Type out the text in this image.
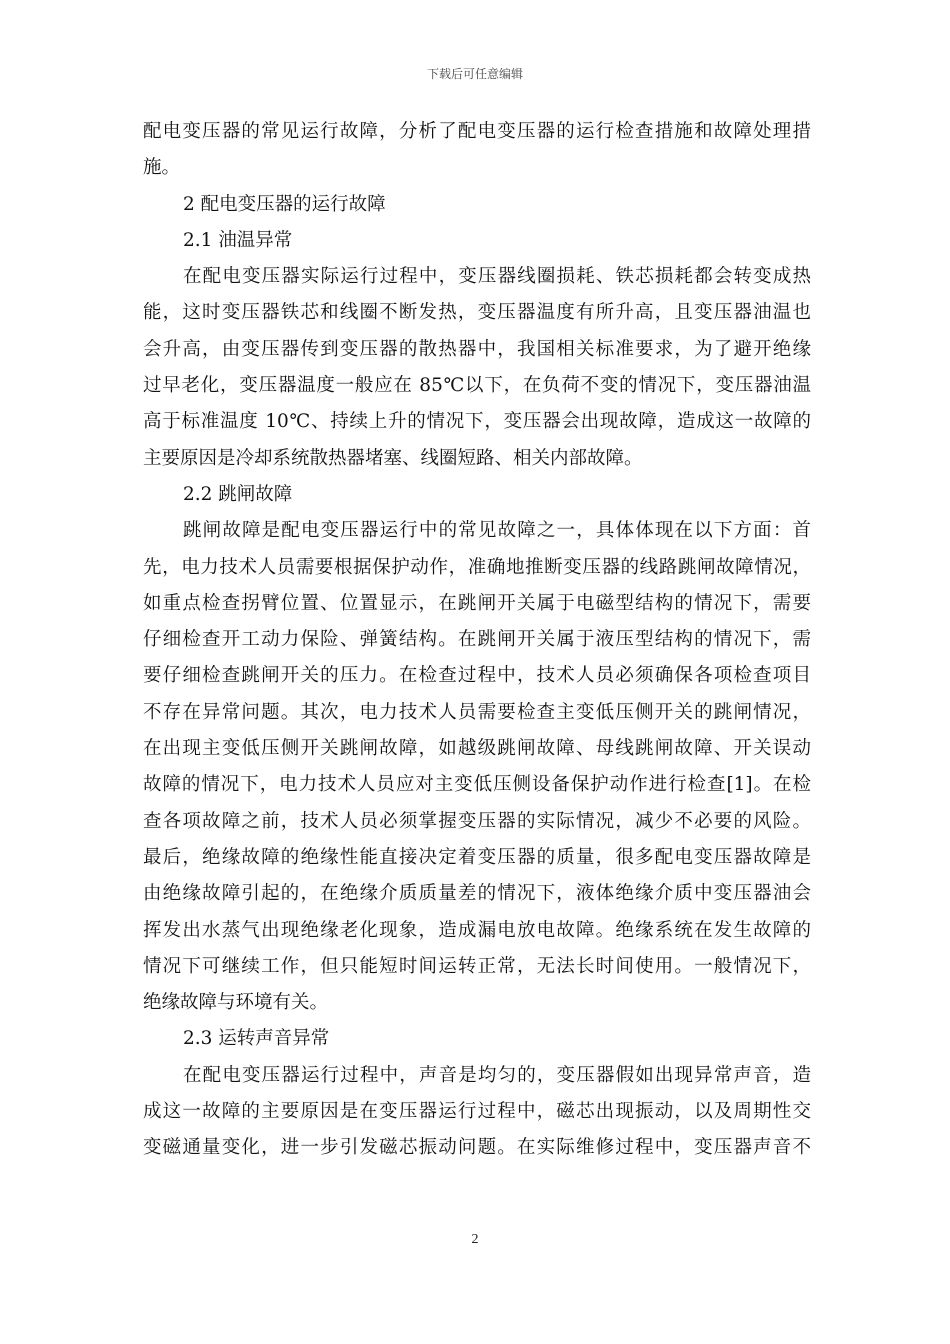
下载后可任意编辑
配电变压器的常见运行故障，分析了配电变压器的运行检查措施和故障处理措
施。
2 配电变压器的运行故障
2.1 油温异常
在配电变压器实际运行过程中，变压器线圈损耗、铁芯损耗都会转变成热
能，这时变压器铁芯和线圈不断发热，变压器温度有所升高，且变压器油温也
会升高，由变压器传到变压器的散热器中，我国相关标准要求，为了避开绝缘
过早老化，变压器温度一般应在 85℃以下，在负荷不变的情况下，变压器油温
高于标准温度 10℃、持续上升的情况下，变压器会出现故障，造成这一故障的
主要原因是冷却系统散热器堵塞、线圈短路、相关内部故障。
2.2 跳闸故障
跳闸故障是配电变压器运行中的常见故障之一，具体体现在以下方面：首
先，电力技术人员需要根据保护动作，准确地推断变压器的线路跳闸故障情况，
如重点检查拐臂位置、位置显示，在跳闸开关属于电磁型结构的情况下，需要
仔细检查开工动力保险、弹簧结构。在跳闸开关属于液压型结构的情况下，需
要仔细检查跳闸开关的压力。在检查过程中，技术人员必须确保各项检查项目
不存在异常问题。其次，电力技术人员需要检查主变低压侧开关的跳闸情况，
在出现主变低压侧开关跳闸故障，如越级跳闸故障、母线跳闸故障、开关误动
故障的情况下，电力技术人员应对主变低压侧设备保护动作进行检查[1]。在检
查各项故障之前，技术人员必须掌握变压器的实际情况，减少不必要的风险。
最后，绝缘故障的绝缘性能直接决定着变压器的质量，很多配电变压器故障是
由绝缘故障引起的，在绝缘介质质量差的情况下，液体绝缘介质中变压器油会
挥发出水蒸气出现绝缘老化现象，造成漏电放电故障。绝缘系统在发生故障的
情况下可继续工作，但只能短时间运转正常，无法长时间使用。一般情况下，
绝缘故障与环境有关。
2.3 运转声音异常
在配电变压器运行过程中，声音是均匀的，变压器假如出现异常声音，造
成这一故障的主要原因是在变压器运行过程中，磁芯出现振动，以及周期性交
变磁通量变化，进一步引发磁芯振动问题。在实际维修过程中，变压器声音不
2
